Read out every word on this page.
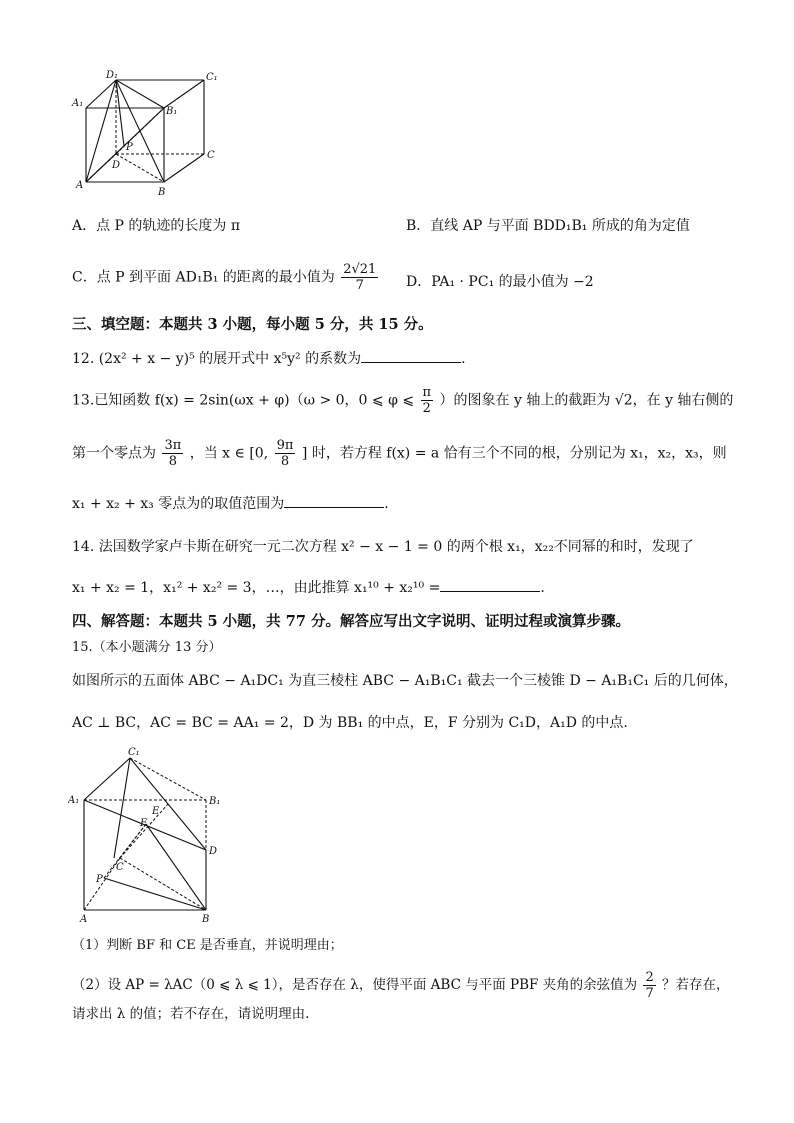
D₁	C₁
A₁
B₁
P
D
C
A
B
A．点 P 的轨迹的长度为 π	B．直线 AP 与平面 BDD₁B₁ 所成的角为定值
C．点 P 到平面 AD₁B₁ 的距离的最小值为 $\frac{2√21}{7}$ D．PA₁ · PC₁ 的最小值为 −2
三、填空题：本题共 3 小题，每小题 5 分，共 15 分。
12. (2x² + x − y)⁵ 的展开式中 x⁵y² 的系数为	.
13.已知函数 f(x) = 2sin(ωx + φ)（ω > 0，0 ⩽ φ ⩽ $\frac{\pi}{2}$ ）的图象在 y 轴上的截距为 √2，在 y 轴右侧的
第一个零点为 $\frac{3\pi}{8}$ ，当 x ∈ [0, $\frac{9\pi}{8}$ ] 时，若方程 f(x) = a 恰有三个不同的根，分别记为 x₁，x₂，x₃，则
x₁ + x₂ + x₃ 零点为的取值范围为	.
14. 法国数学家卢卡斯在研究一元二次方程 x² − x − 1 = 0 的两个根 x₁，x₂₂不同幂的和时，发现了
x₁ + x₂ = 1，x₁² + x₂² = 3，…，由此推算 x₁¹⁰ + x₂¹⁰ =	.
四、解答题：本题共 5 小题，共 77 分。解答应写出文字说明、证明过程或演算步骤。
15.（本小题满分 13 分）
如图所示的五面体 ABC − A₁DC₁ 为直三棱柱 ABC − A₁B₁C₁ 截去一个三棱锥 D − A₁B₁C₁ 后的几何体，
AC ⊥ BC，AC = BC = AA₁ = 2，D 为 BB₁ 的中点，E，F 分别为 C₁D，A₁D 的中点.
C₁
A₁	B₁
E
F
D
C
P
A	B
（1）判断 BF 和 CE 是否垂直，并说明理由；
（2）设 AP = λAC（0 ⩽ λ ⩽ 1），是否存在 λ，使得平面 ABC 与平面 PBF 夹角的余弦值为 $\frac{2}{7}$ ？若存在，
请求出 λ 的值；若不存在，请说明理由.
